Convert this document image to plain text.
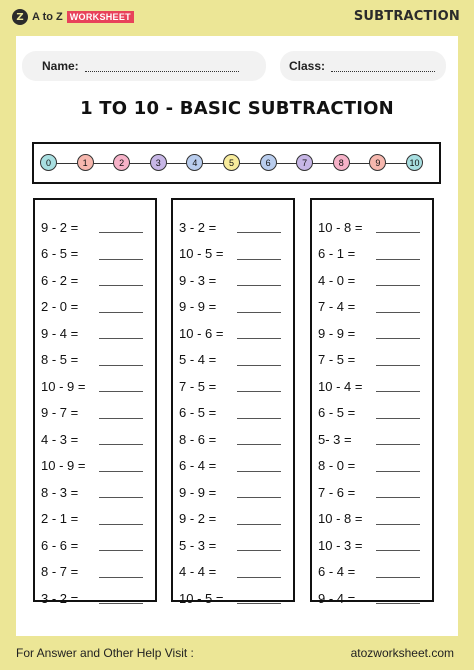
Z A to Z WORKSHEET	SUBTRACTION
Name:	Class:
1 TO 10 - BASIC SUBTRACTION
0	1	2	3	4	5	6	7	8	9	10
9 - 2 =
6 - 5 =
6 - 2 =
2 - 0 =
9 - 4 =
8 - 5 =
10 - 9 =
9 - 7 =
4 - 3 =
10 - 9 =
8 - 3 =
2 - 1 =
6 - 6 =
8 - 7 =
3 - 2 =
3 - 2 =
10 - 5 =
9 - 3 =
9 - 9 =
10 - 6 =
5 - 4 =
7 - 5 =
6 - 5 =
8 - 6 =
6 - 4 =
9 - 9 =
9 - 2 =
5 - 3 =
4 - 4 =
10 - 5 =
10 - 8 =
6 - 1 =
4 - 0 =
7 - 4 =
9 - 9 =
7 - 5 =
10 - 4 =
6 - 5 =
5- 3 =
8 - 0 =
7 - 6 =
10 - 8 =
10 - 3 =
6 - 4 =
9 - 4 =
For Answer and Other Help Visit :	atozworksheet.com
